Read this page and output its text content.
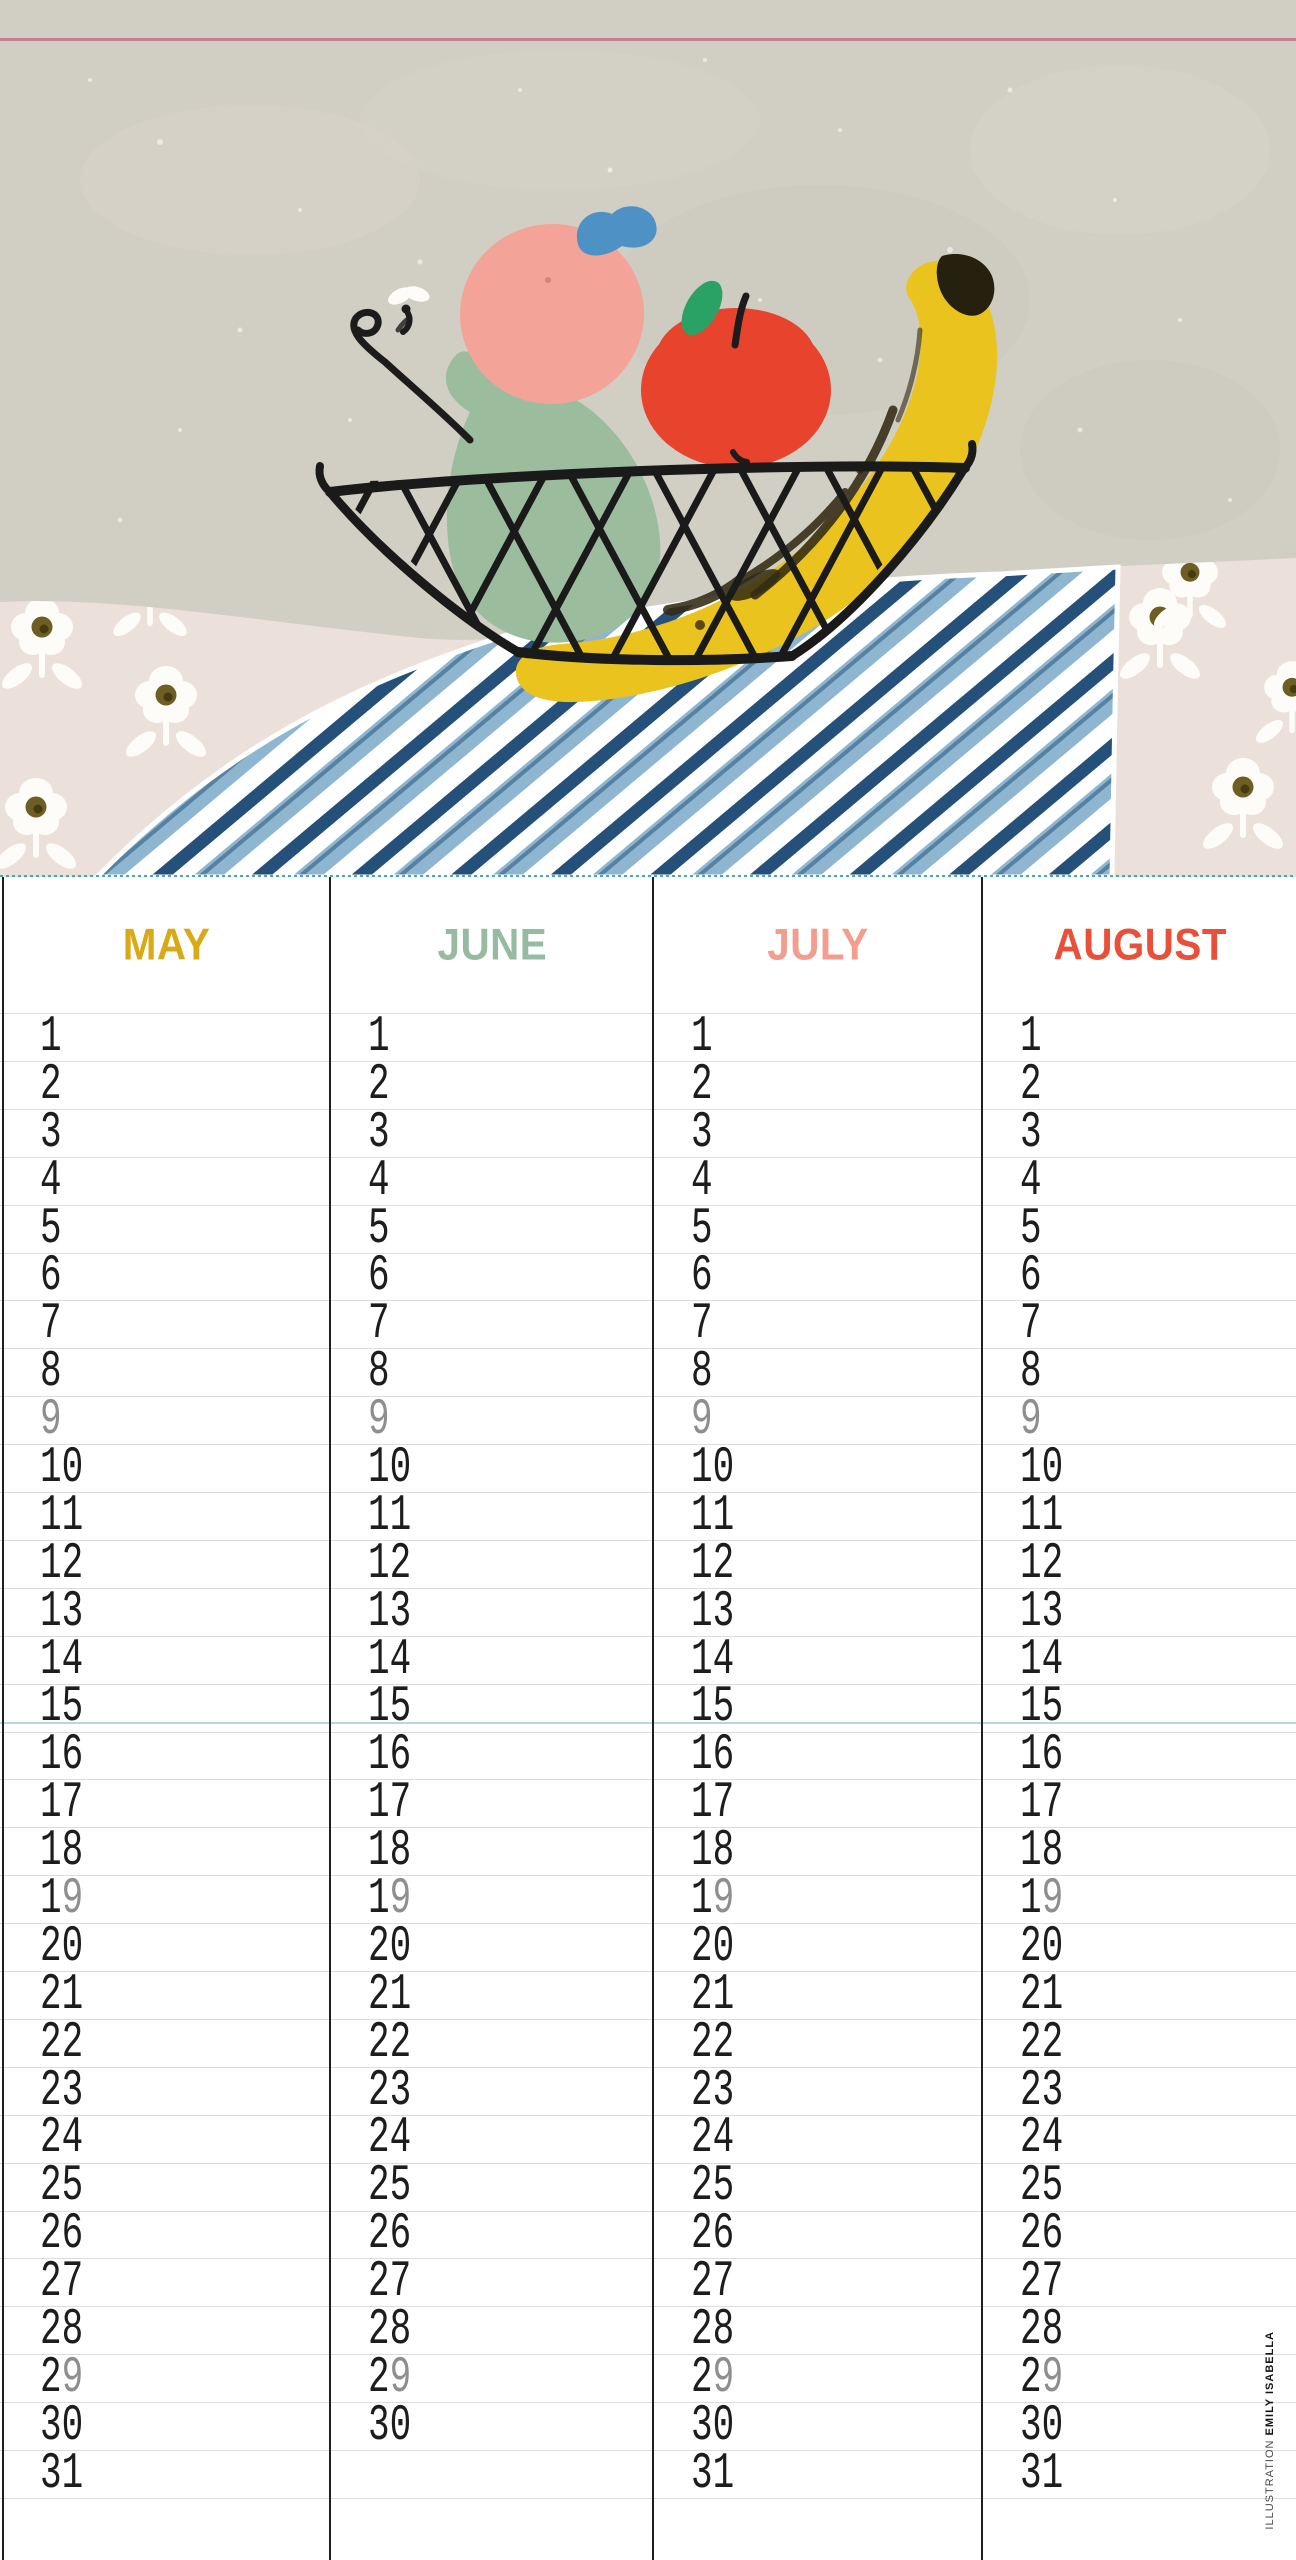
MAY
1
2
3
4
5
6
7
8
9
10
11
12
13
14
15
16
17
18
19
20
21
22
23
24
25
26
27
28
29
30
31
JUNE
1
2
3
4
5
6
7
8
9
10
11
12
13
14
15
16
17
18
19
20
21
22
23
24
25
26
27
28
29
30
JULY
1
2
3
4
5
6
7
8
9
10
11
12
13
14
15
16
17
18
19
20
21
22
23
24
25
26
27
28
29
30
31
AUGUST
1
2
3
4
5
6
7
8
9
10
11
12
13
14
15
16
17
18
19
20
21
22
23
24
25
26
27
28
29
30
31	ILLUSTRATION EMILY ISABELLA
